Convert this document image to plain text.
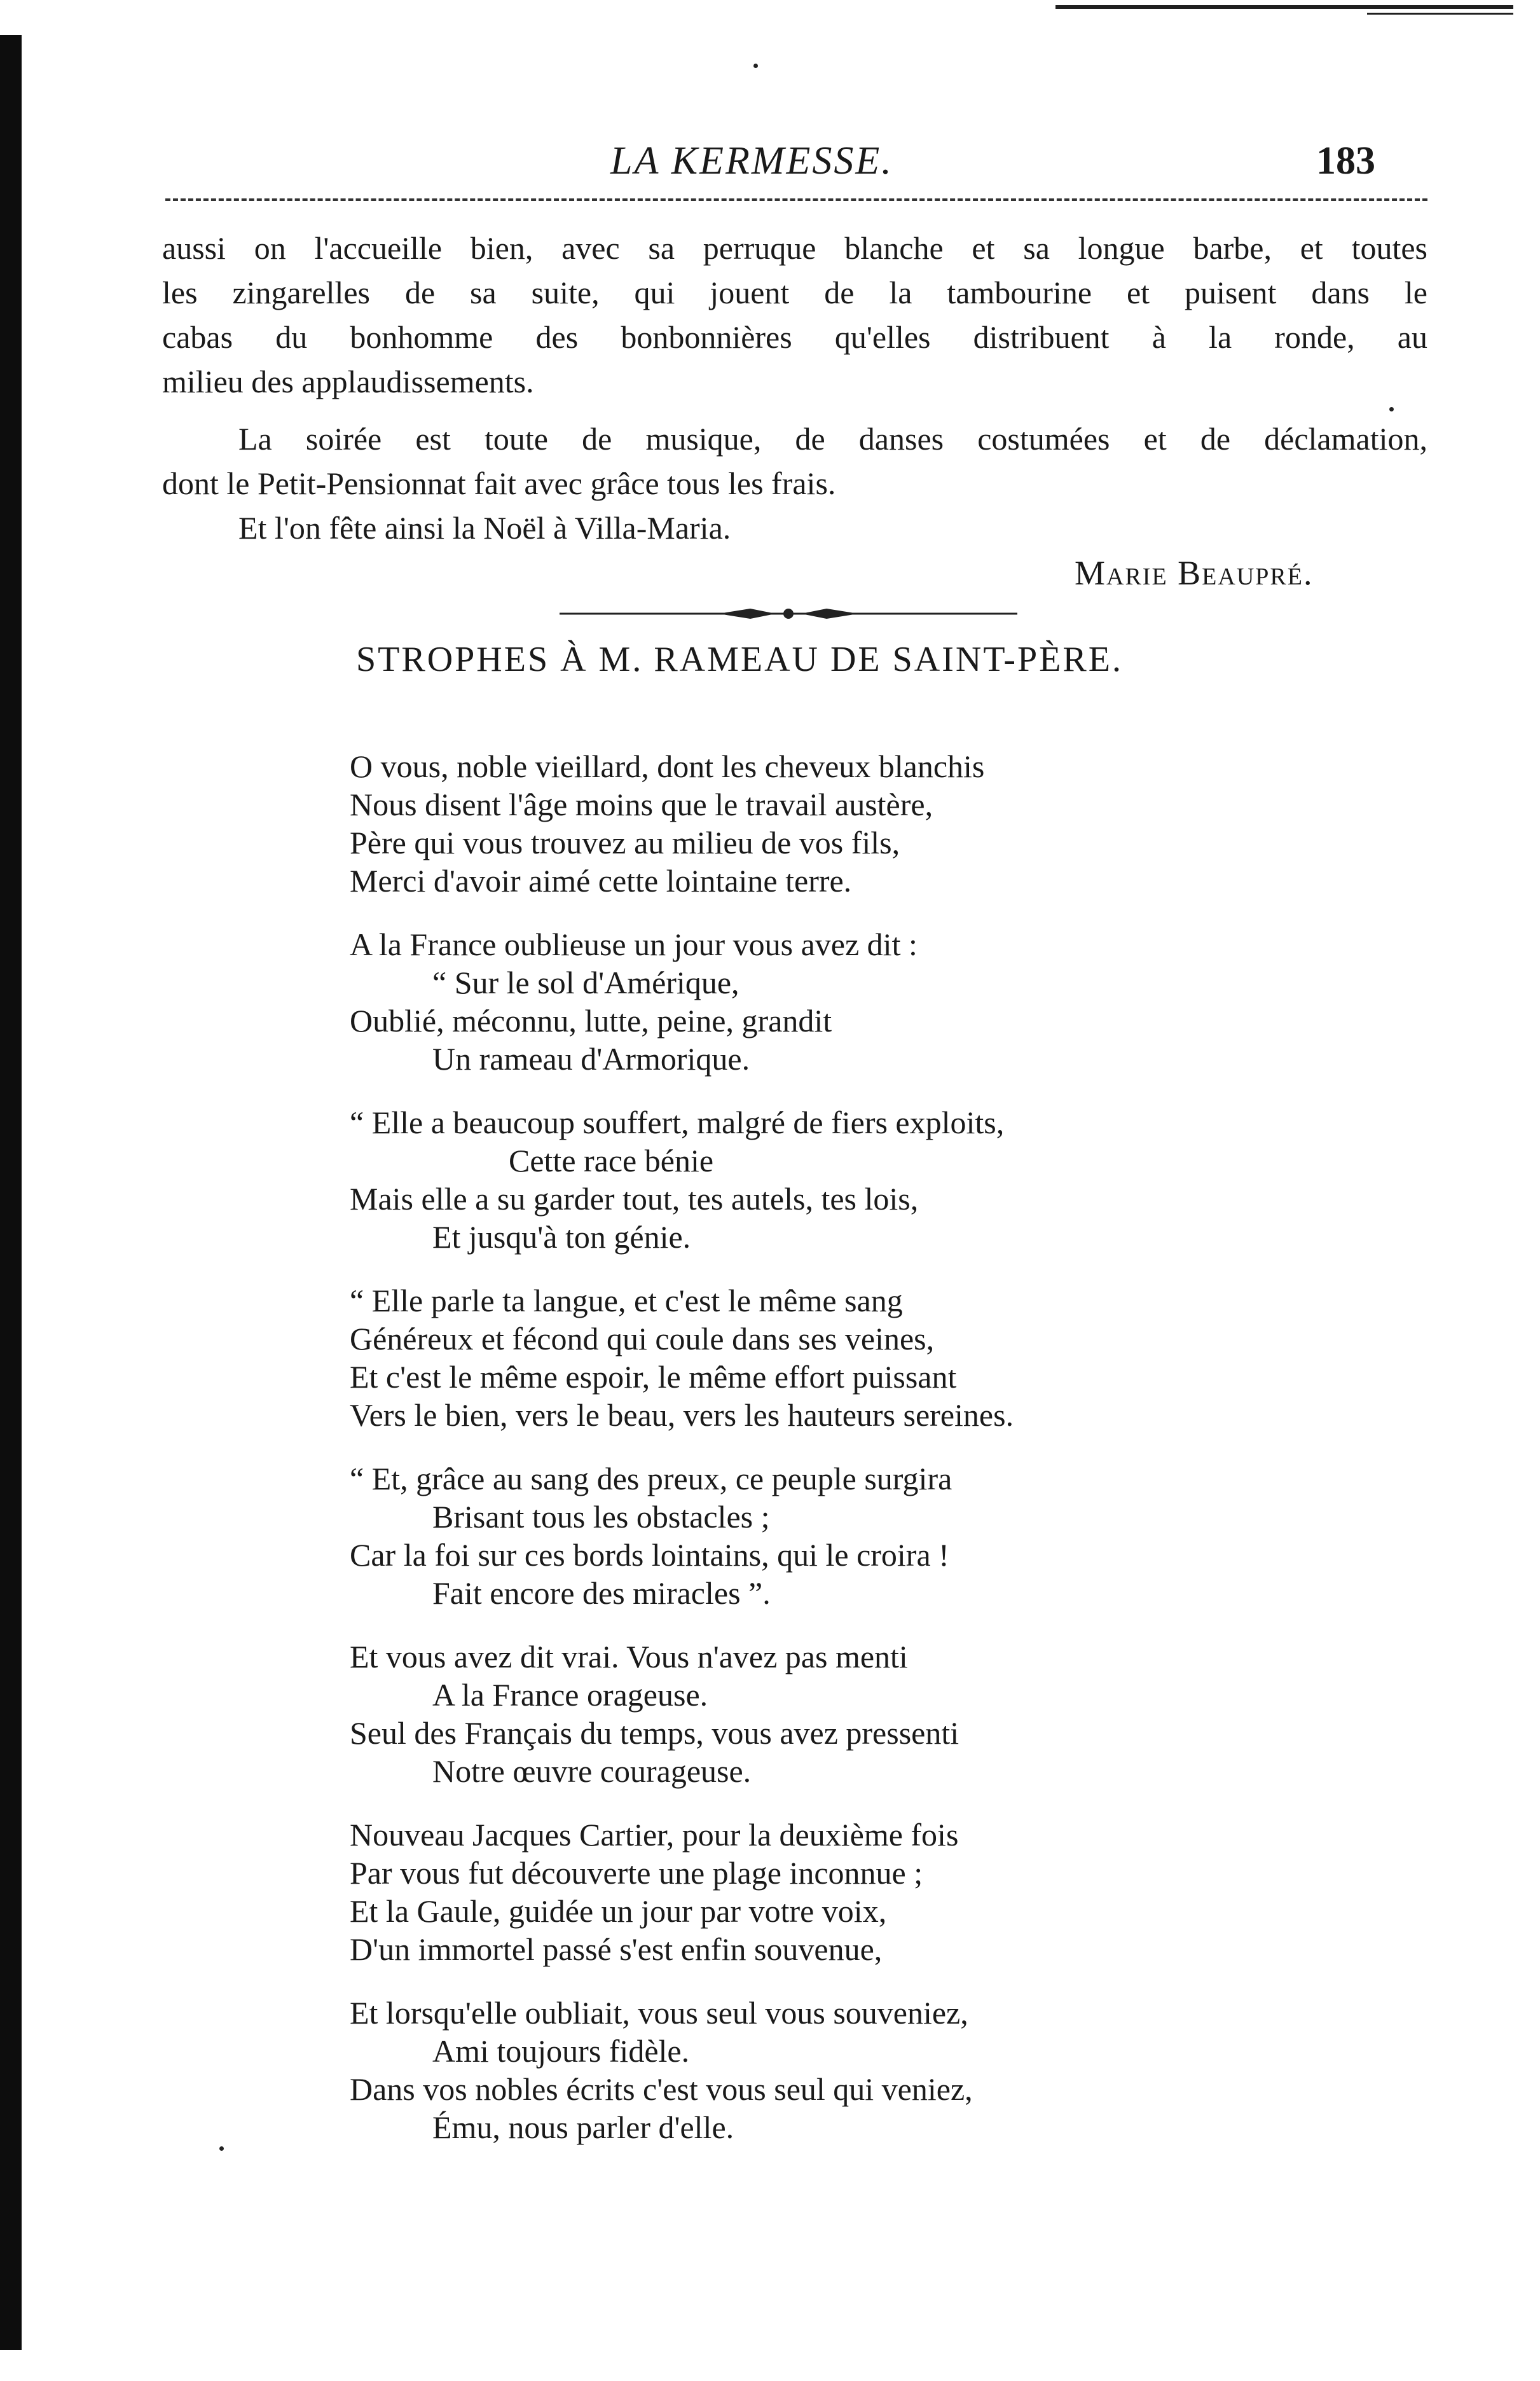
LA KERMESSE.	183
aussi on l'accueille bien, avec sa perruque blanche et sa longue barbe, et toutes
les zingarelles de sa suite, qui jouent de la tambourine et puisent dans le
cabas du bonhomme des bonbonnières qu'elles distribuent à la ronde, au
milieu des applaudissements.
La soirée est toute de musique, de danses costumées et de déclamation,
dont le Petit-Pensionnat fait avec grâce tous les frais.
Et l'on fête ainsi la Noël à Villa-Maria.
Marie Beaupré.
STROPHES À M. RAMEAU DE SAINT-PÈRE.
O vous, noble vieillard, dont les cheveux blanchis
Nous disent l'âge moins que le travail austère,
Père qui vous trouvez au milieu de vos fils,
Merci d'avoir aimé cette lointaine terre.
A la France oublieuse un jour vous avez dit :
“ Sur le sol d'Amérique,
Oublié, méconnu, lutte, peine, grandit
Un rameau d'Armorique.
“ Elle a beaucoup souffert, malgré de fiers exploits,
Cette race bénie
Mais elle a su garder tout, tes autels, tes lois,
Et jusqu'à ton génie.
“ Elle parle ta langue, et c'est le même sang
Généreux et fécond qui coule dans ses veines,
Et c'est le même espoir, le même effort puissant
Vers le bien, vers le beau, vers les hauteurs sereines.
“ Et, grâce au sang des preux, ce peuple surgira
Brisant tous les obstacles ;
Car la foi sur ces bords lointains, qui le croira !
Fait encore des miracles ”.
Et vous avez dit vrai. Vous n'avez pas menti
A la France orageuse.
Seul des Français du temps, vous avez pressenti
Notre œuvre courageuse.
Nouveau Jacques Cartier, pour la deuxième fois
Par vous fut découverte une plage inconnue ;
Et la Gaule, guidée un jour par votre voix,
D'un immortel passé s'est enfin souvenue,
Et lorsqu'elle oubliait, vous seul vous souveniez,
Ami toujours fidèle.
Dans vos nobles écrits c'est vous seul qui veniez,
Ému, nous parler d'elle.
